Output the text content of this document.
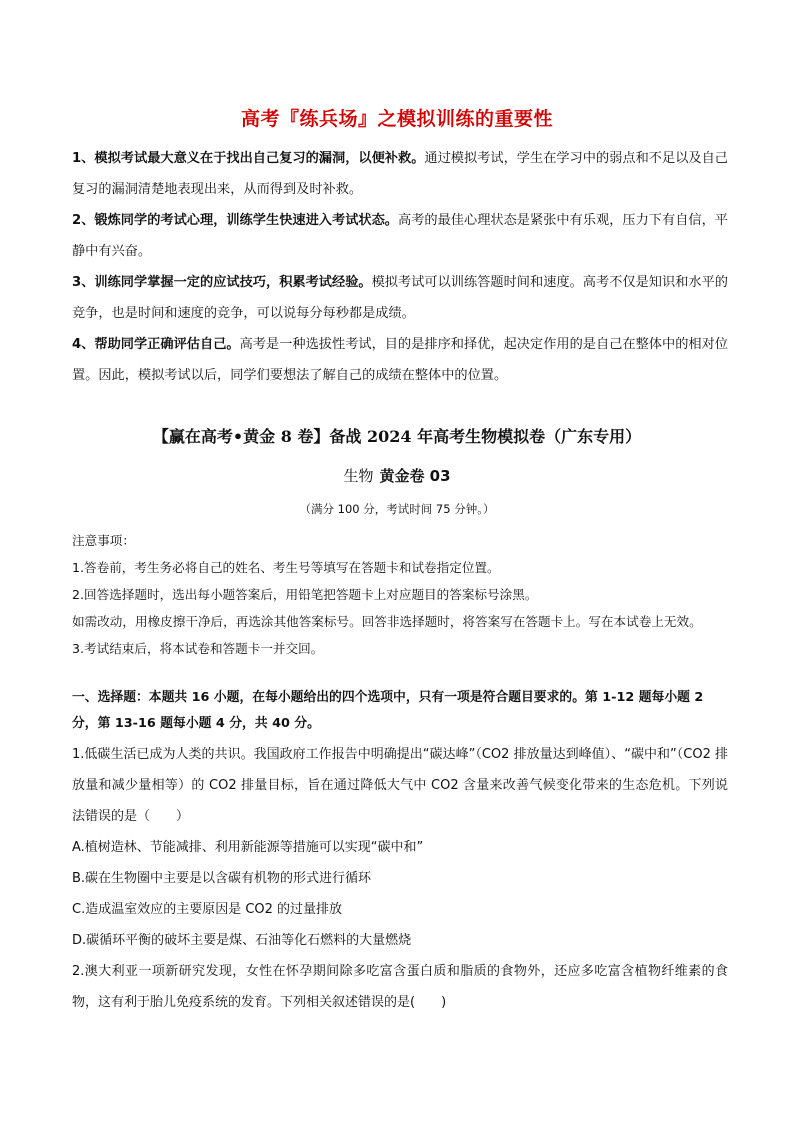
高考『练兵场』之模拟训练的重要性

1、模拟考试最大意义在于找出自己复习的漏洞，以便补救。通过模拟考试，学生在学习中的弱点和不足以及自己复习的漏洞清楚地表现出来，从而得到及时补救。

2、锻炼同学的考试心理，训练学生快速进入考试状态。高考的最佳心理状态是紧张中有乐观，压力下有自信，平静中有兴奋。

3、训练同学掌握一定的应试技巧，积累考试经验。模拟考试可以训练答题时间和速度。高考不仅是知识和水平的竞争，也是时间和速度的竞争，可以说每分每秒都是成绩。

4、帮助同学正确评估自己。高考是一种选拔性考试，目的是排序和择优，起决定作用的是自己在整体中的相对位置。因此，模拟考试以后，同学们要想法了解自己的成绩在整体中的位置。

【赢在高考•黄金 8 卷】备战 2024 年高考生物模拟卷（广东专用）
生物 黄金卷 03
（满分 100 分，考试时间 75 分钟。）

注意事项：

1.答卷前，考生务必将自己的姓名、考生号等填写在答题卡和试卷指定位置。

2.回答选择题时，选出每小题答案后，用铅笔把答题卡上对应题目的答案标号涂黑。

如需改动，用橡皮擦干净后，再选涂其他答案标号。回答非选择题时，将答案写在答题卡上。写在本试卷上无效。

3.考试结束后，将本试卷和答题卡一并交回。

一、选择题：本题共 16 小题，在每小题给出的四个选项中，只有一项是符合题目要求的。第 1-12 题每小题 2 分，第 13-16 题每小题 4 分，共 40 分。

1.低碳生活已成为人类的共识。我国政府工作报告中明确提出“碳达峰”（CO2 排放量达到峰值）、“碳中和”（CO2 排放量和减少量相等）的 CO2 排量目标，旨在通过降低大气中 CO2 含量来改善气候变化带来的生态危机。下列说法错误的是（　　）

A.植树造林、节能减排、利用新能源等措施可以实现“碳中和”

B.碳在生物圈中主要是以含碳有机物的形式进行循环

C.造成温室效应的主要原因是 CO2 的过量排放

D.碳循环平衡的破坏主要是煤、石油等化石燃料的大量燃烧

2.澳大利亚一项新研究发现，女性在怀孕期间除多吃富含蛋白质和脂质的食物外，还应多吃富含植物纤维素的食物，这有利于胎儿免疫系统的发育。下列相关叙述错误的是(　　)
